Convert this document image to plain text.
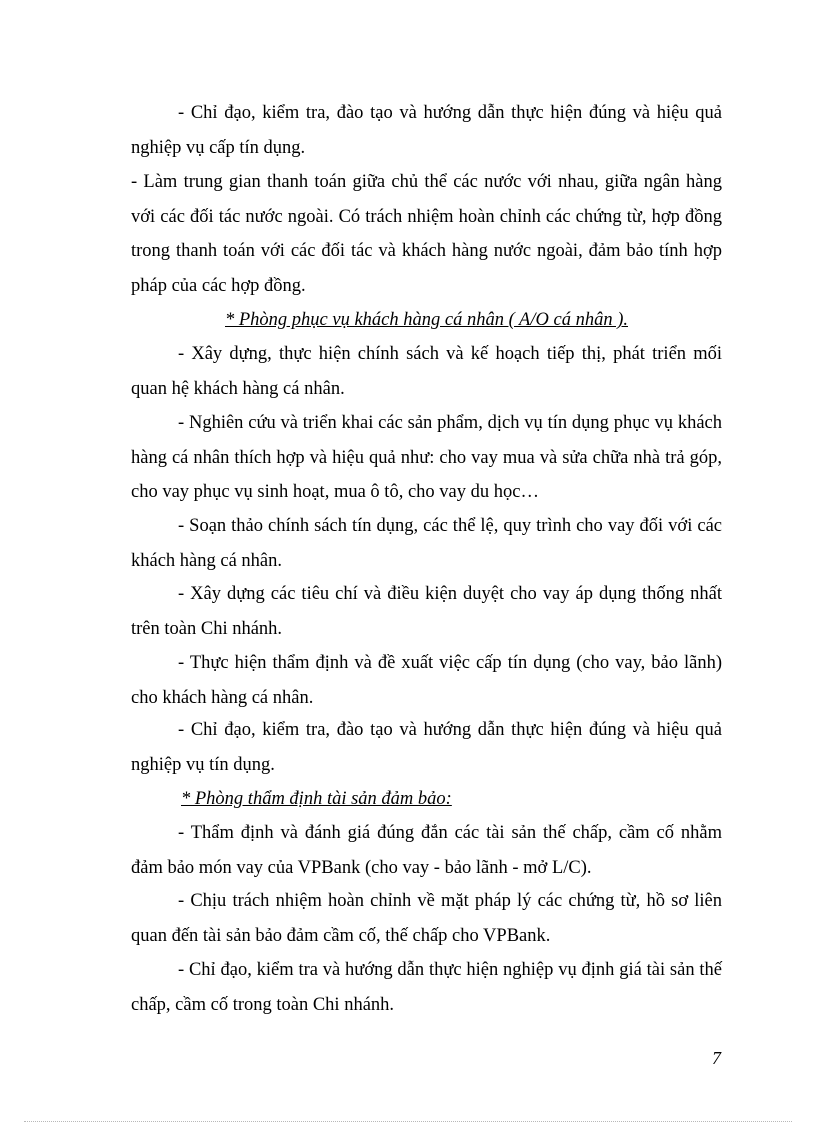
- Chỉ đạo, kiểm tra, đào tạo và hướng dẫn thực hiện đúng và hiệu quả nghiệp vụ cấp tín dụng.

- Làm trung gian thanh toán giữa chủ thể các nước với nhau, giữa ngân hàng với các đối tác nước ngoài. Có trách nhiệm hoàn chỉnh các chứng từ, hợp đồng trong thanh toán với các đối tác và khách hàng nước ngoài, đảm bảo tính hợp pháp của các hợp đồng.

* Phòng phục vụ khách hàng cá nhân ( A/O cá nhân ).

- Xây dựng, thực hiện chính sách và kế hoạch tiếp thị, phát triển mối quan hệ khách hàng cá nhân.

- Nghiên cứu và triển khai các sản phẩm, dịch vụ tín dụng phục vụ khách hàng cá nhân thích hợp và hiệu quả như: cho vay mua và sửa chữa nhà trả góp, cho vay phục vụ sinh hoạt, mua ô tô, cho vay du học…

- Soạn thảo chính sách tín dụng, các thể lệ, quy trình cho vay đối với các khách hàng cá nhân.

- Xây dựng các tiêu chí và điều kiện duyệt cho vay áp dụng thống nhất trên toàn Chi nhánh.

- Thực hiện thẩm định và đề xuất việc cấp tín dụng (cho vay, bảo lãnh) cho khách hàng cá nhân.

- Chỉ đạo, kiểm tra, đào tạo và hướng dẫn thực hiện đúng và hiệu quả nghiệp vụ tín dụng.

* Phòng thẩm định tài sản đảm bảo:

- Thẩm định và đánh giá đúng đắn các tài sản thế chấp, cầm cố nhằm đảm bảo món vay của VPBank (cho vay - bảo lãnh - mở L/C).

- Chịu trách nhiệm hoàn chỉnh về mặt pháp lý các chứng từ, hồ sơ liên quan đến tài sản bảo đảm cầm cố, thế chấp cho VPBank.

- Chỉ đạo, kiểm tra và hướng dẫn thực hiện nghiệp vụ định giá tài sản thế chấp, cầm cố trong toàn Chi nhánh.

7
